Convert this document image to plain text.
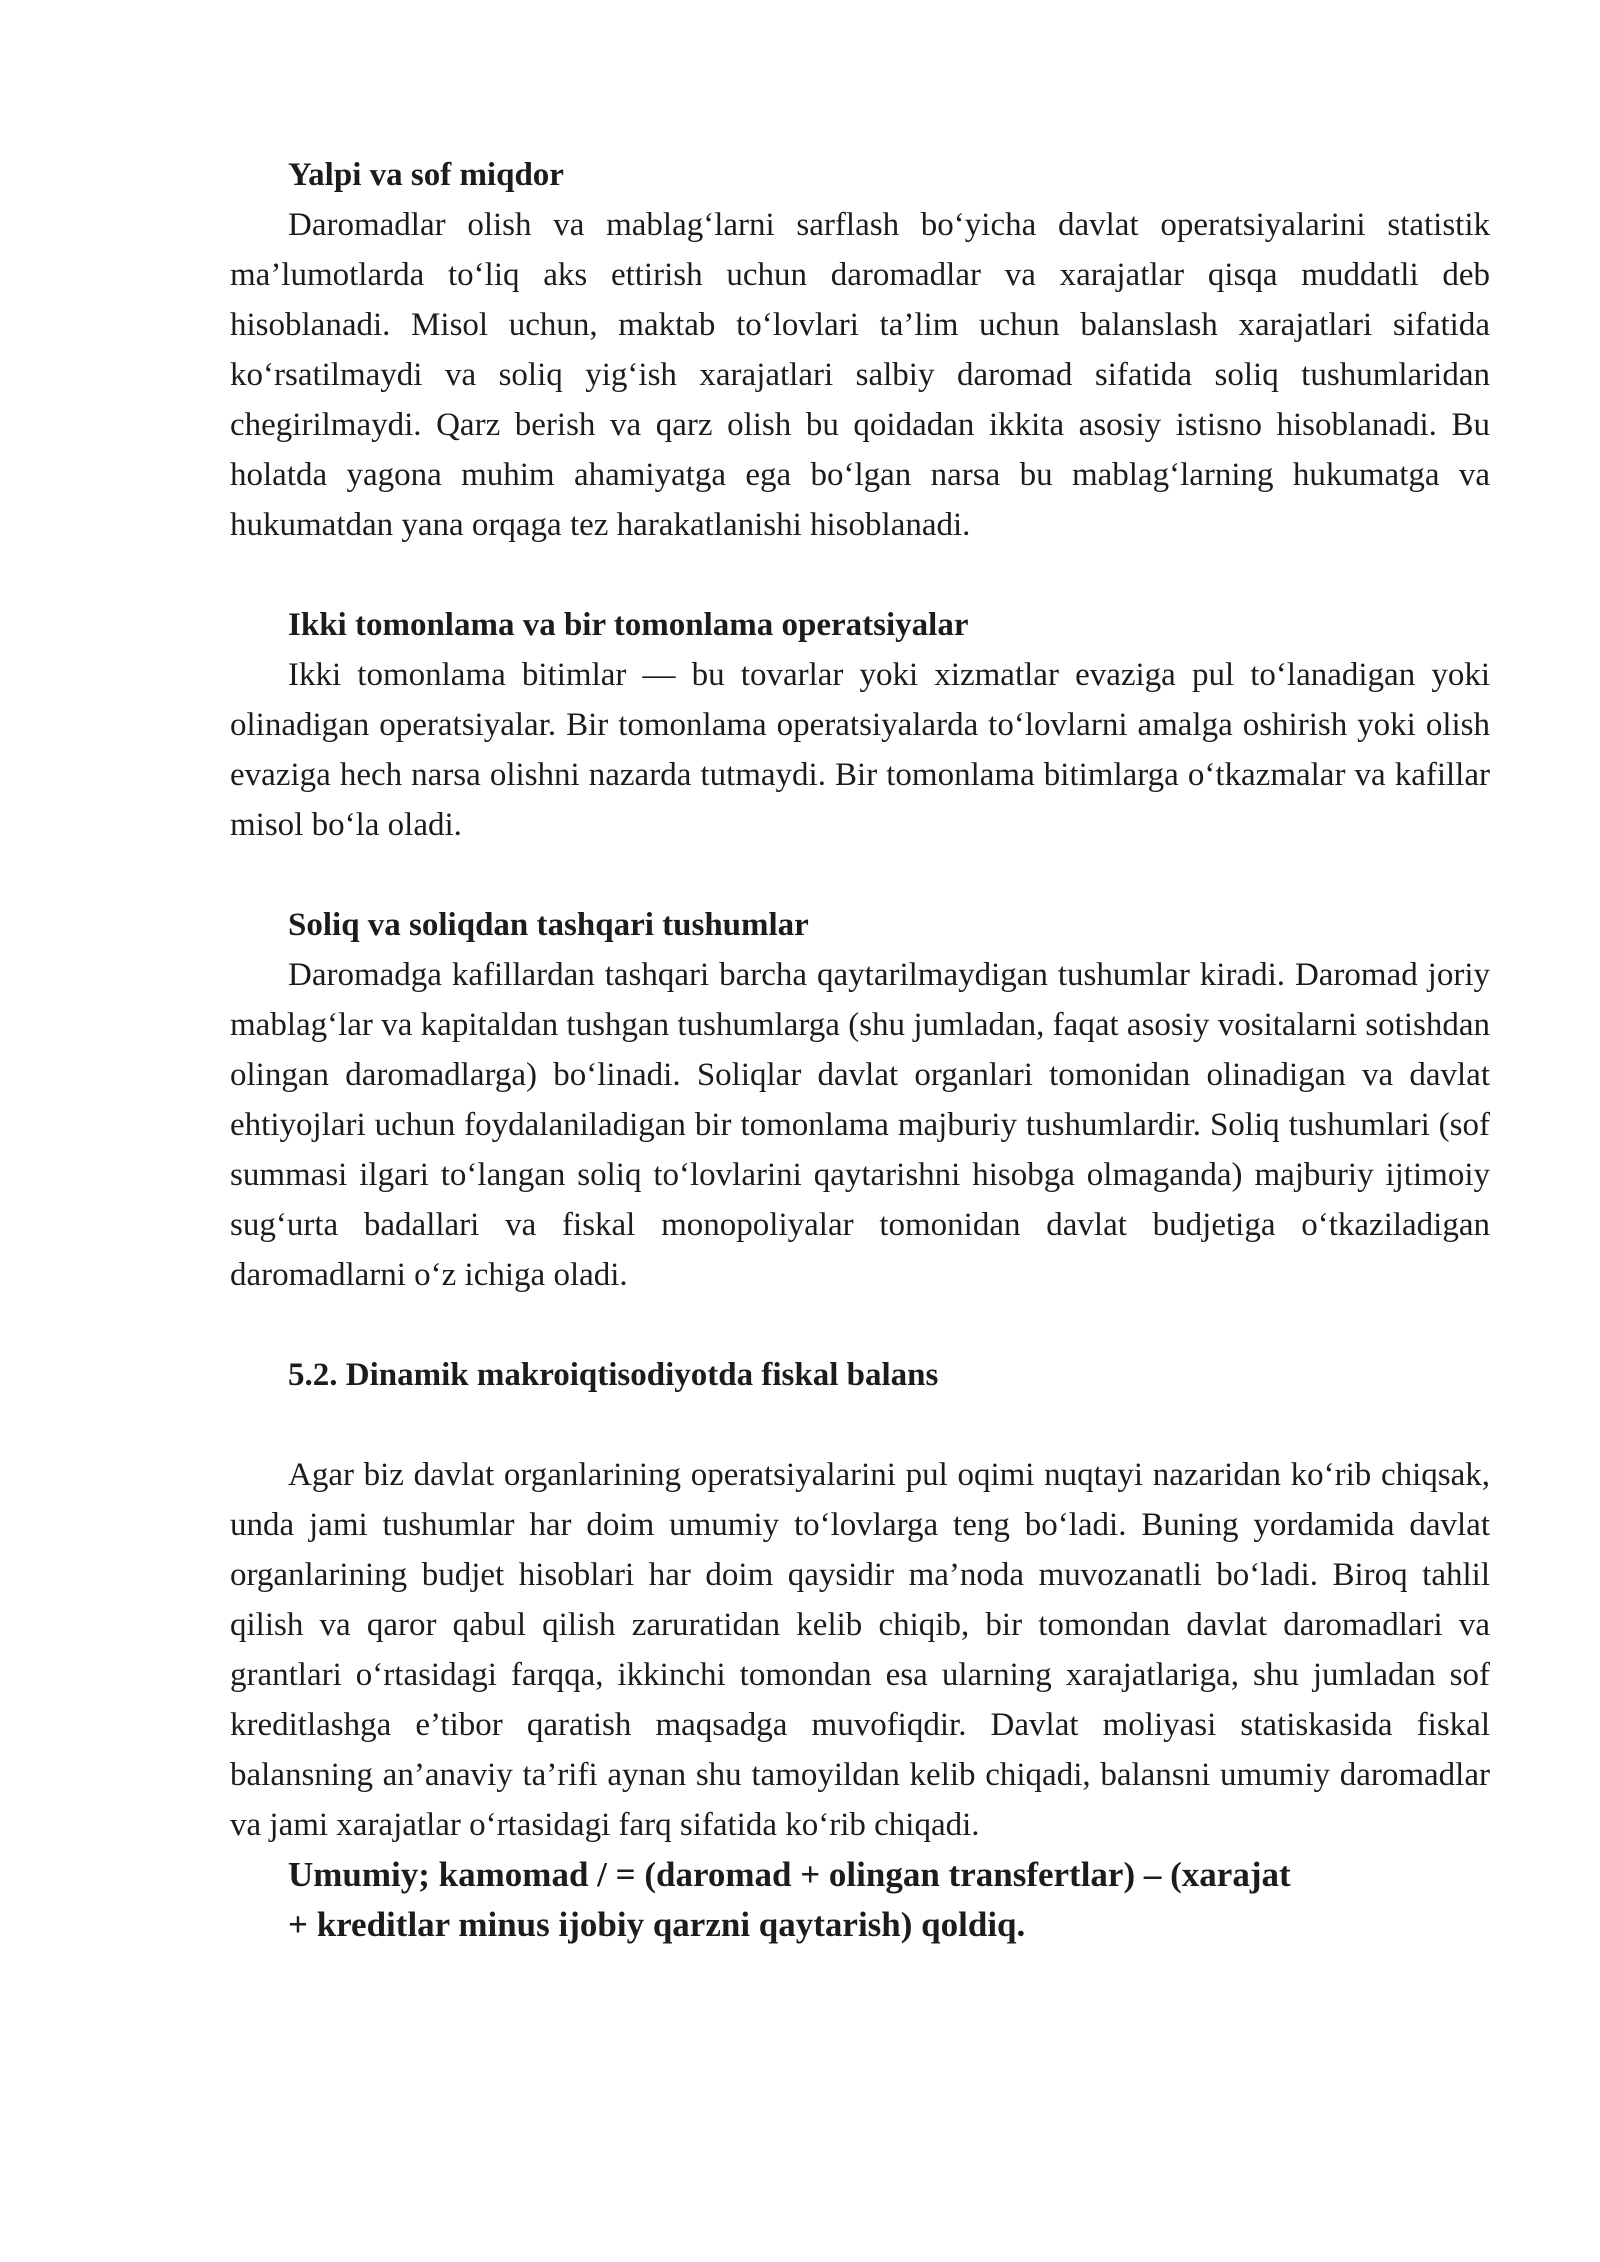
Yalpi va sof miqdor

Daromadlar olish va mablag‘larni sarflash bo‘yicha davlat operatsiyalarini statistik ma’lumotlarda to‘liq aks ettirish uchun daromadlar va xarajatlar qisqa muddatli deb hisoblanadi. Misol uchun, maktab to‘lovlari ta’lim uchun balanslash xarajatlari sifatida ko‘rsatilmaydi va soliq yig‘ish xarajatlari salbiy daromad sifatida soliq tushumlaridan chegirilmaydi. Qarz berish va qarz olish bu qoidadan ikkita asosiy istisno hisoblanadi. Bu holatda yagona muhim ahamiyatga ega bo‘lgan narsa bu mablag‘larning hukumatga va hukumatdan yana orqaga tez harakatlanishi hisoblanadi.

Ikki tomonlama va bir tomonlama operatsiyalar

Ikki tomonlama bitimlar — bu tovarlar yoki xizmatlar evaziga pul to‘lanadigan yoki olinadigan operatsiyalar. Bir tomonlama operatsiyalarda to‘lovlarni amalga oshirish yoki olish evaziga hech narsa olishni nazarda tutmaydi. Bir tomonlama bitimlarga o‘tkazmalar va kafillar misol bo‘la oladi.

Soliq va soliqdan tashqari tushumlar

Daromadga kafillardan tashqari barcha qaytarilmaydigan tushumlar kiradi. Daromad joriy mablag‘lar va kapitaldan tushgan tushumlarga (shu jumladan, faqat asosiy vositalarni sotishdan olingan daromadlarga) bo‘linadi. Soliqlar davlat organlari tomonidan olinadigan va davlat ehtiyojlari uchun foydalaniladigan bir tomonlama majburiy tushumlardir. Soliq tushumlari (sof summasi ilgari to‘langan soliq to‘lovlarini qaytarishni hisobga olmaganda) majburiy ijtimoiy sug‘urta badallari va fiskal monopoliyalar tomonidan davlat budjetiga o‘tkaziladigan daromadlarni o‘z ichiga oladi.

5.2. Dinamik makroiqtisodiyotda fiskal balans

Agar biz davlat organlarining operatsiyalarini pul oqimi nuqtayi nazaridan ko‘rib chiqsak, unda jami tushumlar har doim umumiy to‘lovlarga teng bo‘ladi. Buning yordamida davlat organlarining budjet hisoblari har doim qaysidir ma’noda muvozanatli bo‘ladi. Biroq tahlil qilish va qaror qabul qilish zaruratidan kelib chiqib, bir tomondan davlat daromadlari va grantlari o‘rtasidagi farqqa, ikkinchi tomondan esa ularning xarajatlariga, shu jumladan sof kreditlashga e’tibor qaratish maqsadga muvofiqdir. Davlat moliyasi statiskasida fiskal balansning an’anaviy ta’rifi aynan shu tamoyildan kelib chiqadi, balansni umumiy daromadlar va jami xarajatlar o‘rtasidagi farq sifatida ko‘rib chiqadi.

Umumiy; kamomad / = (daromad + olingan transfertlar) – (xarajat

+ kreditlar minus ijobiy qarzni qaytarish) qoldiq.
